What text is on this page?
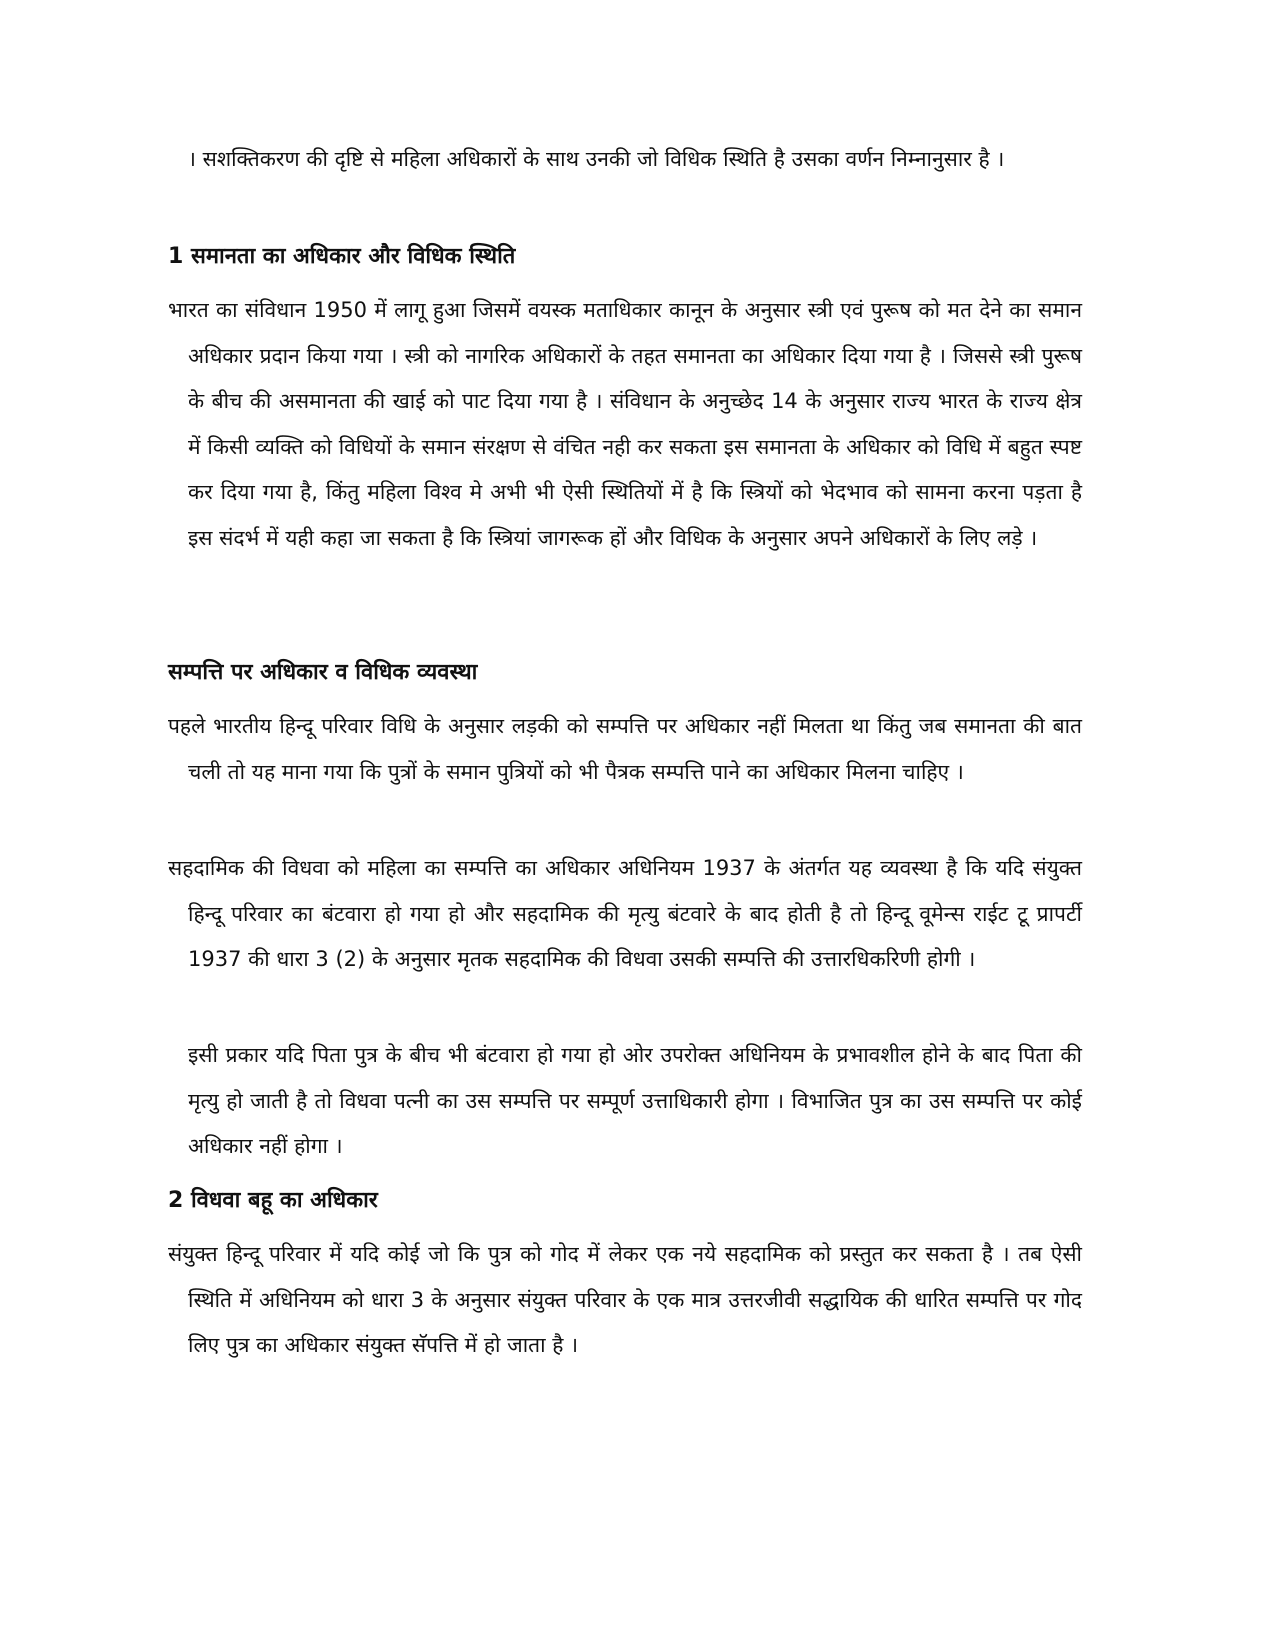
। सशक्तिकरण की दृष्टि से महिला अधिकारों के साथ उनकी जो विधिक स्थिति है उसका वर्णन निम्नानुसार है ।

1 समानता का अधिकार और विधिक स्थिति

भारत का संविधान 1950 में लागू हुआ जिसमें वयस्क मताधिकार कानून के अनुसार स्त्री एवं पुरूष को मत देने का समान अधिकार प्रदान किया गया । स्त्री को नागरिक अधिकारों के तहत समानता का अधिकार दिया गया है । जिससे स्त्री पुरूष के बीच की असमानता की खाई को पाट दिया गया है । संविधान के अनुच्छेद 14 के अनुसार राज्य भारत के राज्य क्षेत्र में किसी व्यक्ति को विधियों के समान संरक्षण से वंचित नही कर सकता इस समानता के अधिकार को विधि में बहुत स्पष्ट कर दिया गया है, किंतु महिला विश्व मे अभी भी ऐसी स्थितियों में है कि स्त्रियों को भेदभाव को सामना करना पड़ता है इस संदर्भ में यही कहा जा सकता है कि स्त्रियां जागरूक हों और विधिक के अनुसार अपने अधिकारों के लिए लड़े ।

सम्पत्ति पर अधिकार व विधिक व्यवस्था

पहले भारतीय हिन्दू परिवार विधि के अनुसार लड़की को सम्पत्ति पर अधिकार नहीं मिलता था किंतु जब समानता की बात चली तो यह माना गया कि पुत्रों के समान पुत्रियों को भी पैत्रक सम्पत्ति पाने का अधिकार मिलना चाहिए ।

सहदामिक की विधवा को महिला का सम्पत्ति का अधिकार अधिनियम 1937 के अंतर्गत यह व्यवस्था है कि यदि संयुक्त हिन्दू परिवार का बंटवारा हो गया हो और सहदामिक की मृत्यु बंटवारे के बाद होती है तो हिन्दू वूमेन्स राईट टू प्रापर्टी 1937 की धारा 3 (2) के अनुसार मृतक सहदामिक की विधवा उसकी सम्पत्ति की उत्तारधिकरिणी होगी ।

इसी प्रकार यदि पिता पुत्र के बीच भी बंटवारा हो गया हो ओर उपरोक्त अधिनियम के प्रभावशील होने के बाद पिता की मृत्यु हो जाती है तो विधवा पत्नी का उस सम्पत्ति पर सम्पूर्ण उत्ताधिकारी होगा । विभाजित पुत्र का उस सम्पत्ति पर कोई अधिकार नहीं होगा ।

2 विधवा बहू का अधिकार

संयुक्त हिन्दू परिवार में यदि कोई जो कि पुत्र को गोद में लेकर एक नये सहदामिक को प्रस्तुत कर सकता है । तब ऐसी स्थिति में अधिनियम को धारा 3 के अनुसार संयुक्त परिवार के एक मात्र उत्तरजीवी सद्धायिक की धारित सम्पत्ति पर गोद लिए पुत्र का अधिकार संयुक्त सॅपत्ति में हो जाता है ।
